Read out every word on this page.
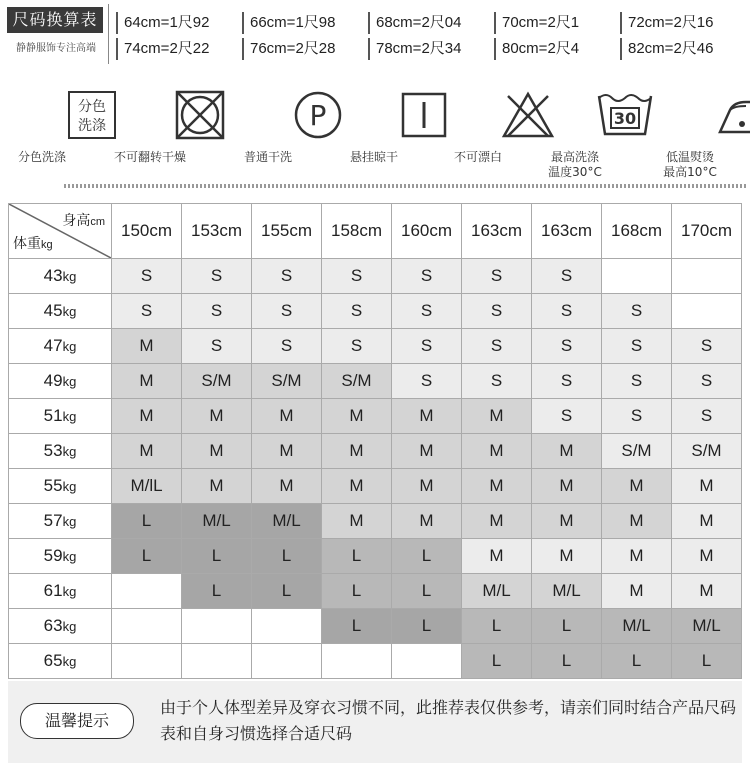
尺码换算表
静静服饰专注高端
64cm=1尺92	66cm=1尺98	68cm=2尺04	70cm=2尺1	72cm=2尺16
74cm=2尺22	76cm=2尺28	78cm=2尺34	80cm=2尺4	82cm=2尺46
分色
洗涤
分色洗涤	不可翻转干燥
P
普通干洗	悬挂晾干	不可漂白
30
最高洗涤
温度30°C
低温熨烫
最高10°C
身高cm
体重kg	150cm	153cm	155cm	158cm	160cm	163cm	163cm	168cm	170cm
43kg	S	S	S	S	S	S	S		
45kg	S	S	S	S	S	S	S	S	
47kg	M	S	S	S	S	S	S	S	S
49kg	M	S/M	S/M	S/M	S	S	S	S	S
51kg	M	M	M	M	M	M	S	S	S
53kg	M	M	M	M	M	M	M	S/M	S/M
55kg	M/lL	M	M	M	M	M	M	M	M
57kg	L	M/L	M/L	M	M	M	M	M	M
59kg	L	L	L	L	L	M	M	M	M
61kg		L	L	L	L	M/L	M/L	M	M
63kg				L	L	L	L	M/L	M/L
65kg						L	L	L	L
温馨提示
由于个人体型差异及穿衣习惯不同，此推荐表仅供参考，请亲们同时结合产品尺码表和自身习惯选择合适尺码
